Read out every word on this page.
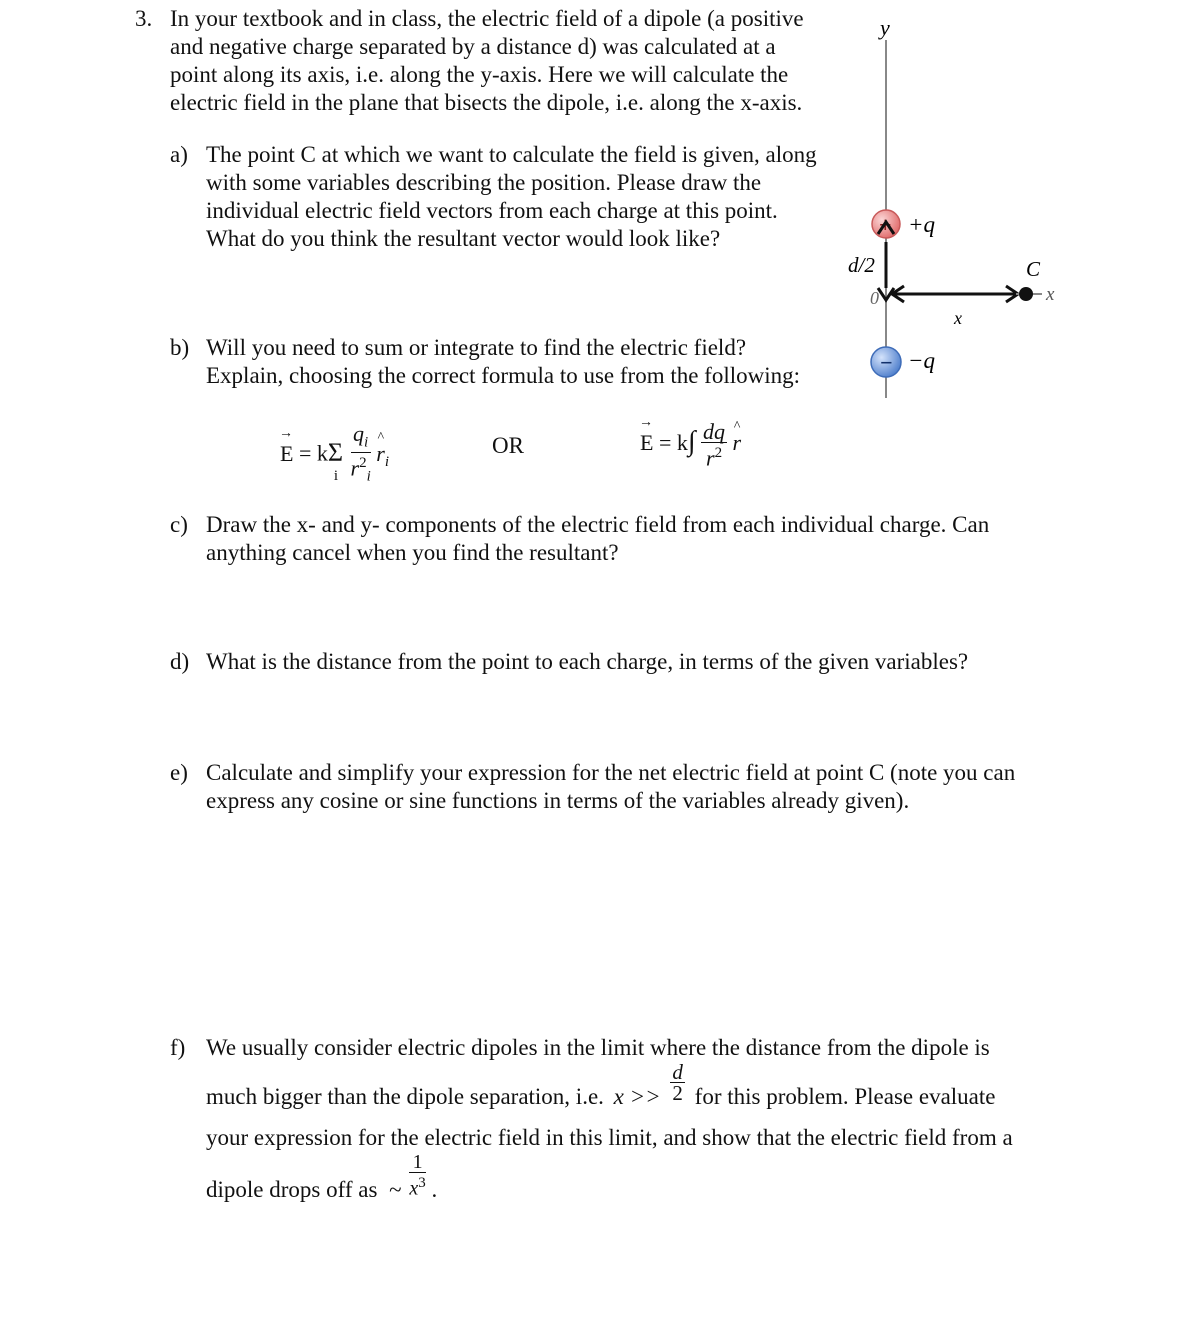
3. In your textbook and in class, the electric field of a dipole (a positive
and negative charge separated by a distance d) was calculated at a
point along its axis, i.e. along the y-axis. Here we will calculate the
electric field in the plane that bisects the dipole, i.e. along the x-axis.
a) The point C at which we want to calculate the field is given, along
with some variables describing the position. Please draw the
individual electric field vectors from each charge at this point.
What do you think the resultant vector would look like?
b) Will you need to sum or integrate to find the electric field?
Explain, choosing the correct formula to use from the following:
→ E = kΣ
i
$\frac{q_i}{r^2_i}$ ^ $r_i$
OR	→ $E = k\int \frac{dq}{r^2}$ ^ r
c) Draw the x- and y- components of the electric field from each individual charge. Can
anything cancel when you find the resultant?
d) What is the distance from the point to each charge, in terms of the given variables?
e) Calculate and simplify your expression for the net electric field at point C (note you can
express any cosine or sine functions in terms of the variables already given).
f) We usually consider electric dipoles in the limit where the distance from the dipole is
much bigger than the dipole separation, i.e. $x >> \frac{d}{2}$ for this problem. Please evaluate
your expression for the electric field in this limit, and show that the electric field from a
dipole drops off as ~ $\frac{1}{x^3}$ .
y
+ +q
− −q
d/2
0
x
C
x
